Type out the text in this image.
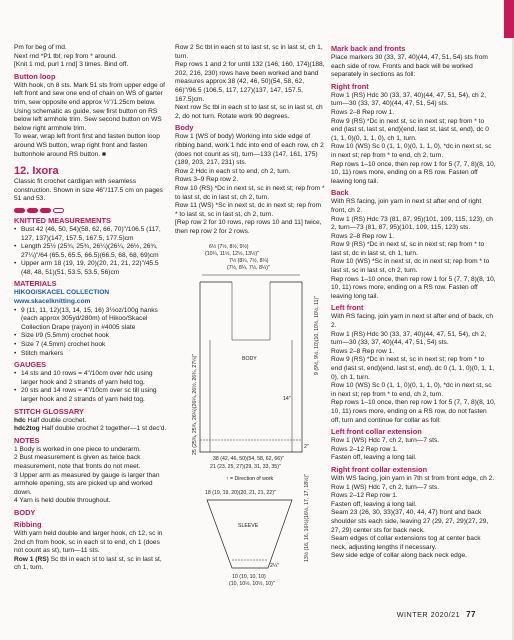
Pm for beg of rnd.

Next rnd *P1 tbl; rep from * around.

[Knit 1 rnd, purl 1 rnd] 3 times. Bind off.

Button loop

With hook, ch 8 sts. Mark 51 sts from upper edge of left front and sew one end of chain on WS of garter trim, sew opposite end approx ½"/1.25cm below. Using schematic as guide, sew first button on RS below left armhole trim. Sew second button on WS below right armhole trim.

To wear, wrap left front first and fasten button loop around WS button, wrap right front and fasten buttonhole around RS button. ■

12. Ixora

Classic fit crochet cardigan with seamless construction. Shown in size 46"/117.5 cm on pages 51 and 53.

KNITTED MEASUREMENTS
• Bust 42 (46, 50, 54)(58, 62, 66, 70)"/106.5 (117, 127, 137)(147, 157.5, 167.5, 177.5)cm
• Length 25½ (25¾, 25¾, 26¼)(26¼, 26½, 26¾, 27¼)"/64 (65.5, 65.5, 66.5)(66.5, 68, 68, 69)cm
• Upper arm 18 (19, 19, 20)(20, 21, 21, 22)"/45.5 (48, 48, 51)(51, 53.5, 53.5, 56)cm
MATERIALS
HIKOO/SKACEL COLLECTION
www.skacelknitting.com
• 9 (11, 11, 12)(13, 14, 15, 16) 3½oz/100g hanks (each approx 305yd/280m) of Hikoo/Skacel Collection Drape (rayon) in #4005 slate
• Size I/9 (5.5mm) crochet hook
• Size 7 (4.5mm) crochet hook
• Stitch markers
GAUGES
• 14 sts and 10 rows = 4"/10cm over hdc using larger hook and 2 strands of yarn held tog.
• 20 sts and 14 rows = 4"/10cm over sc till using larger hook and 2 strands of yarn held tog.
STITCH GLOSSARY

hdc Half double crochet.

hdc2tog Half double crochet 2 together—1 st dec'd.

NOTES

1 Body is worked in one piece to underarm.

2 Bust measurement is given as twice back measurement, note that fronts do not meet.

3 Upper arm as measured by gauge is larger than armhole opening, sts are picked up and worked down.

4 Yarn is held double throughout.

BODY
Ribbing

With yarn held double and larger hook, ch 12, sc in 2nd ch from hook, sc in each st to end, ch 1 (does not count as st), turn—11 sts.

Row 1 (RS) Sc tbl in each st to last st, sc in last st, ch 1, turn.

Row 2 Sc tbl in each st to last st, sc in last st, ch 1, turn.

Rep rows 1 and 2 for until 132 (146, 160, 174)(188, 202, 216, 230) rows have been worked and band measures approx 38 (42, 46, 50)(54, 58, 62, 66)"/96.5 (106.5, 117, 127)(137, 147, 157.5, 167.5)cm.

Next row Sc tbl in each st to last st, sc in last st, ch 2, do not turn. Rotate work 90 degrees.

Body

Row 1 (WS of body) Working into side edge of ribbing band, work 1 hdc into end of each row, ch 2 (does not count as st), turn—133 (147, 161, 175)(189, 203, 217, 231) sts.

Row 2 Hdc in each st to end, ch 2, turn.

Rows 3–9 Rep row 2.

Row 10 (RS) *Dc in next st, sc in next st; rep from * to last st, dc in last st, ch 2, turn.

Row 11 (WS) *Sc in next st, dc in next st; rep from * to last st, sc in last st, ch 2, turn.

[Rep row 2 for 10 rows, rep rows 10 and 11] twice, then rep row 2 for 2 rows.

6½ (7½, 8½, 9½)
(10¼, 11½, 12½, 13½)"
7½ (8¼, 7½, 8¼)
(7½, 8¼, 7½, 8¼)"
BODY
14"
2"
25 (25¾, 25¾, 26¼)(26¼, 26½, 26¾, 27¼)"
9 (9½, 9½, 10)(10, 10½, 10½, 11)"
38 (42, 46, 50)(54, 58, 62, 66)"
21 (23, 25, 27)(29, 31, 33, 35)"
↑ = Direction of work
18 (19, 19, 20)(20, 21, 21, 22)"
SLEEVE
2¼"
13½ (16, 16, 16½)(16½, 17, 17, 18½)"
10 (10, 10, 10)
(10, 10½, 10½, 10)"
Mark back and fronts

Place markers 30 (33, 37, 40)(44, 47, 51, 54) sts from each side of row. Fronts and back will be worked separately in sections as foll:

Right front

Row 1 (RS) Hdc 30 (33, 37, 40)(44, 47, 51, 54), ch 2, turn—30 (33, 37, 40)(44, 47, 51, 54) sts.

Rows 2–8 Rep row 1.

Row 9 (RS) *Dc in next st, sc in next st; rep from * to end (last st, last st, end)(end, last st, last st, end), dc 0 (1, 1, 0)(0, 1, 1, 0), ch 1, turn.

Row 10 (WS) Sc 0 (1, 1, 0)(0, 1, 1, 0), *dc in next st, sc in next st; rep from * to end, ch 2, turn.

Rep rows 1–10 once, then rep row 1 for 5 (7, 7, 8)(8, 10, 10, 11) rows more, ending on a RS row. Fasten off leaving long tail.

Back

With RS facing, join yarn in next st after end of right front, ch 2.

Row 1 (RS) Hdc 73 (81, 87, 95)(101, 109, 115, 123), ch 2, turn—73 (81, 87, 95)(101, 109, 115, 123) sts.

Rows 2–8 Rep row 1.

Row 9 (RS) *Dc in next st, sc in next st; rep from * to last st, dc in last st, ch 1, turn.

Row 10 (WS) *Sc in next st, dc in next st; rep from * to last st, sc in last st, ch 2, turn.

Rep rows 1–10 once, then rep row 1 for 5 (7, 7, 8)(8, 10, 10, 11) rows more, ending on a RS row. Fasten off leaving long tail.

Left front

With RS facing, join yarn in next st after end of back, ch 2.

Row 1 (RS) Hdc 30 (33, 37, 40)(44, 47, 51, 54), ch 2, turn—30 (33, 37, 40)(44, 47, 51, 54) sts.

Rows 2–8 Rep row 1.

Row 9 (RS) *Dc in next st, sc in next st; rep from * to end (last st, end)(end, last st, end), dc 0 (1, 1, 0)(0, 1, 1, 0), ch 1, turn.

Row 10 (WS) Sc 0 (1, 1, 0)(0, 1, 1, 0), *dc in next st, sc in next st; rep from * to end, ch 2, turn.

Rep rows 1–10 once, then rep row 1 for 5 (7, 7, 8)(8, 10, 10, 11) rows more, ending on a RS row, do not fasten off, turn and continue for collar as foll:

Left front collar extension

Row 1 (WS) Hdc 7, ch 2, turn—7 sts.

Rows 2–12 Rep row 1.

Fasten off, leaving a long tail.

Right front collar extension

With WS facing, join yarn in 7th st from front edge, ch 2.

Row 1 (WS) Hdc 7, ch 2, turn—7 sts.

Rows 2–12 Rep row 1.

Fasten off, leaving a long tail.

Seam 23 (26, 30, 33)(37, 40, 44, 47) front and back shoulder sts each side, leaving 27 (29, 27, 29)(27, 29, 27, 29) center sts for back neck.

Seam edges of collar extensions tog at center back neck, adjusting lengths if necessary.

Sew side edge of collar along back neck edge.

WINTER 2020/21 77
